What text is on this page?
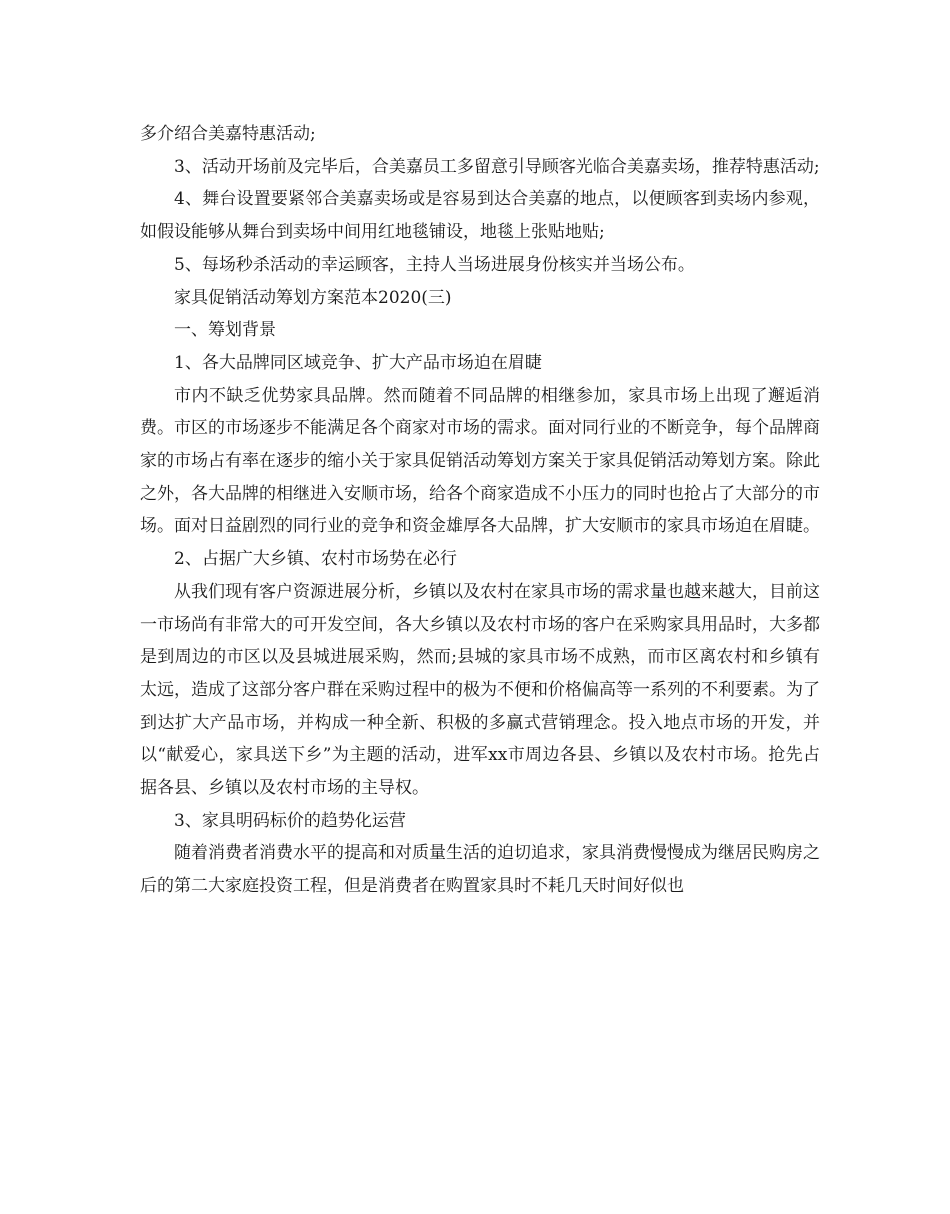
多介绍合美嘉特惠活动;

3、活动开场前及完毕后，合美嘉员工多留意引导顾客光临合美嘉卖场，推荐特惠活动;

4、舞台设置要紧邻合美嘉卖场或是容易到达合美嘉的地点，以便顾客到卖场内参观，如假设能够从舞台到卖场中间用红地毯铺设，地毯上张贴地贴;

5、每场秒杀活动的幸运顾客，主持人当场进展身份核实并当场公布。

家具促销活动筹划方案范本2020(三)

一、筹划背景

1、各大品牌同区域竞争、扩大产品市场迫在眉睫

市内不缺乏优势家具品牌。然而随着不同品牌的相继参加，家具市场上出现了邂逅消费。市区的市场逐步不能满足各个商家对市场的需求。面对同行业的不断竞争，每个品牌商家的市场占有率在逐步的缩小关于家具促销活动筹划方案关于家具促销活动筹划方案。除此之外，各大品牌的相继进入安顺市场，给各个商家造成不小压力的同时也抢占了大部分的市场。面对日益剧烈的同行业的竞争和资金雄厚各大品牌，扩大安顺市的家具市场迫在眉睫。

2、占据广大乡镇、农村市场势在必行

从我们现有客户资源进展分析，乡镇以及农村在家具市场的需求量也越来越大，目前这一市场尚有非常大的可开发空间，各大乡镇以及农村市场的客户在采购家具用品时，大多都是到周边的市区以及县城进展采购，然而;县城的家具市场不成熟，而市区离农村和乡镇有太远，造成了这部分客户群在采购过程中的极为不便和价格偏高等一系列的不利要素。为了到达扩大产品市场，并构成一种全新、积极的多赢式营销理念。投入地点市场的开发，并以“献爱心，家具送下乡”为主题的活动，进军xx市周边各县、乡镇以及农村市场。抢先占据各县、乡镇以及农村市场的主导权。

3、家具明码标价的趋势化运营

随着消费者消费水平的提高和对质量生活的迫切追求，家具消费慢慢成为继居民购房之后的第二大家庭投资工程，但是消费者在购置家具时不耗几天时间好似也
